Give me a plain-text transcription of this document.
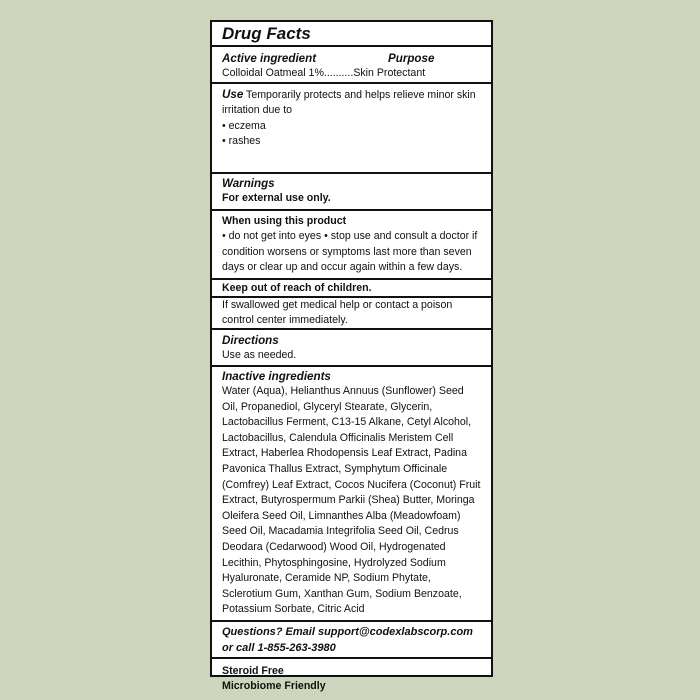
Drug Facts
Active ingredient	Purpose
Colloidal Oatmeal 1% .......... Skin Protectant
Use Temporarily protects and helps relieve minor skin irritation due to
• eczema
• rashes
Warnings
For external use only.
When using this product
• do not get into eyes • stop use and consult a doctor if condition worsens or symptoms last more than seven days or clear up and occur again within a few days.
Keep out of reach of children.
If swallowed get medical help or contact a poison control center immediately.
Directions
Use as needed.
Inactive ingredients
Water (Aqua), Helianthus Annuus (Sunflower) Seed Oil, Propanediol, Glyceryl Stearate, Glycerin, Lactobacillus Ferment, C13-15 Alkane, Cetyl Alcohol, Lactobacillus, Calendula Officinalis Meristem Cell Extract, Haberlea Rhodopensis Leaf Extract, Padina Pavonica Thallus Extract, Symphytum Officinale (Comfrey) Leaf Extract, Cocos Nucifera (Coconut) Fruit Extract, Butyrospermum Parkii (Shea) Butter, Moringa Oleifera Seed Oil, Limnanthes Alba (Meadowfoam) Seed Oil, Macadamia Integrifolia Seed Oil, Cedrus Deodara (Cedarwood) Wood Oil, Hydrogenated Lecithin, Phytosphingosine, Hydrolyzed Sodium Hyaluronate, Ceramide NP, Sodium Phytate, Sclerotium Gum, Xanthan Gum, Sodium Benzoate, Potassium Sorbate, Citric Acid
Questions? Email support@codexlabscorp.com
or call 1-855-263-3980
Steroid Free
Microbiome Friendly
